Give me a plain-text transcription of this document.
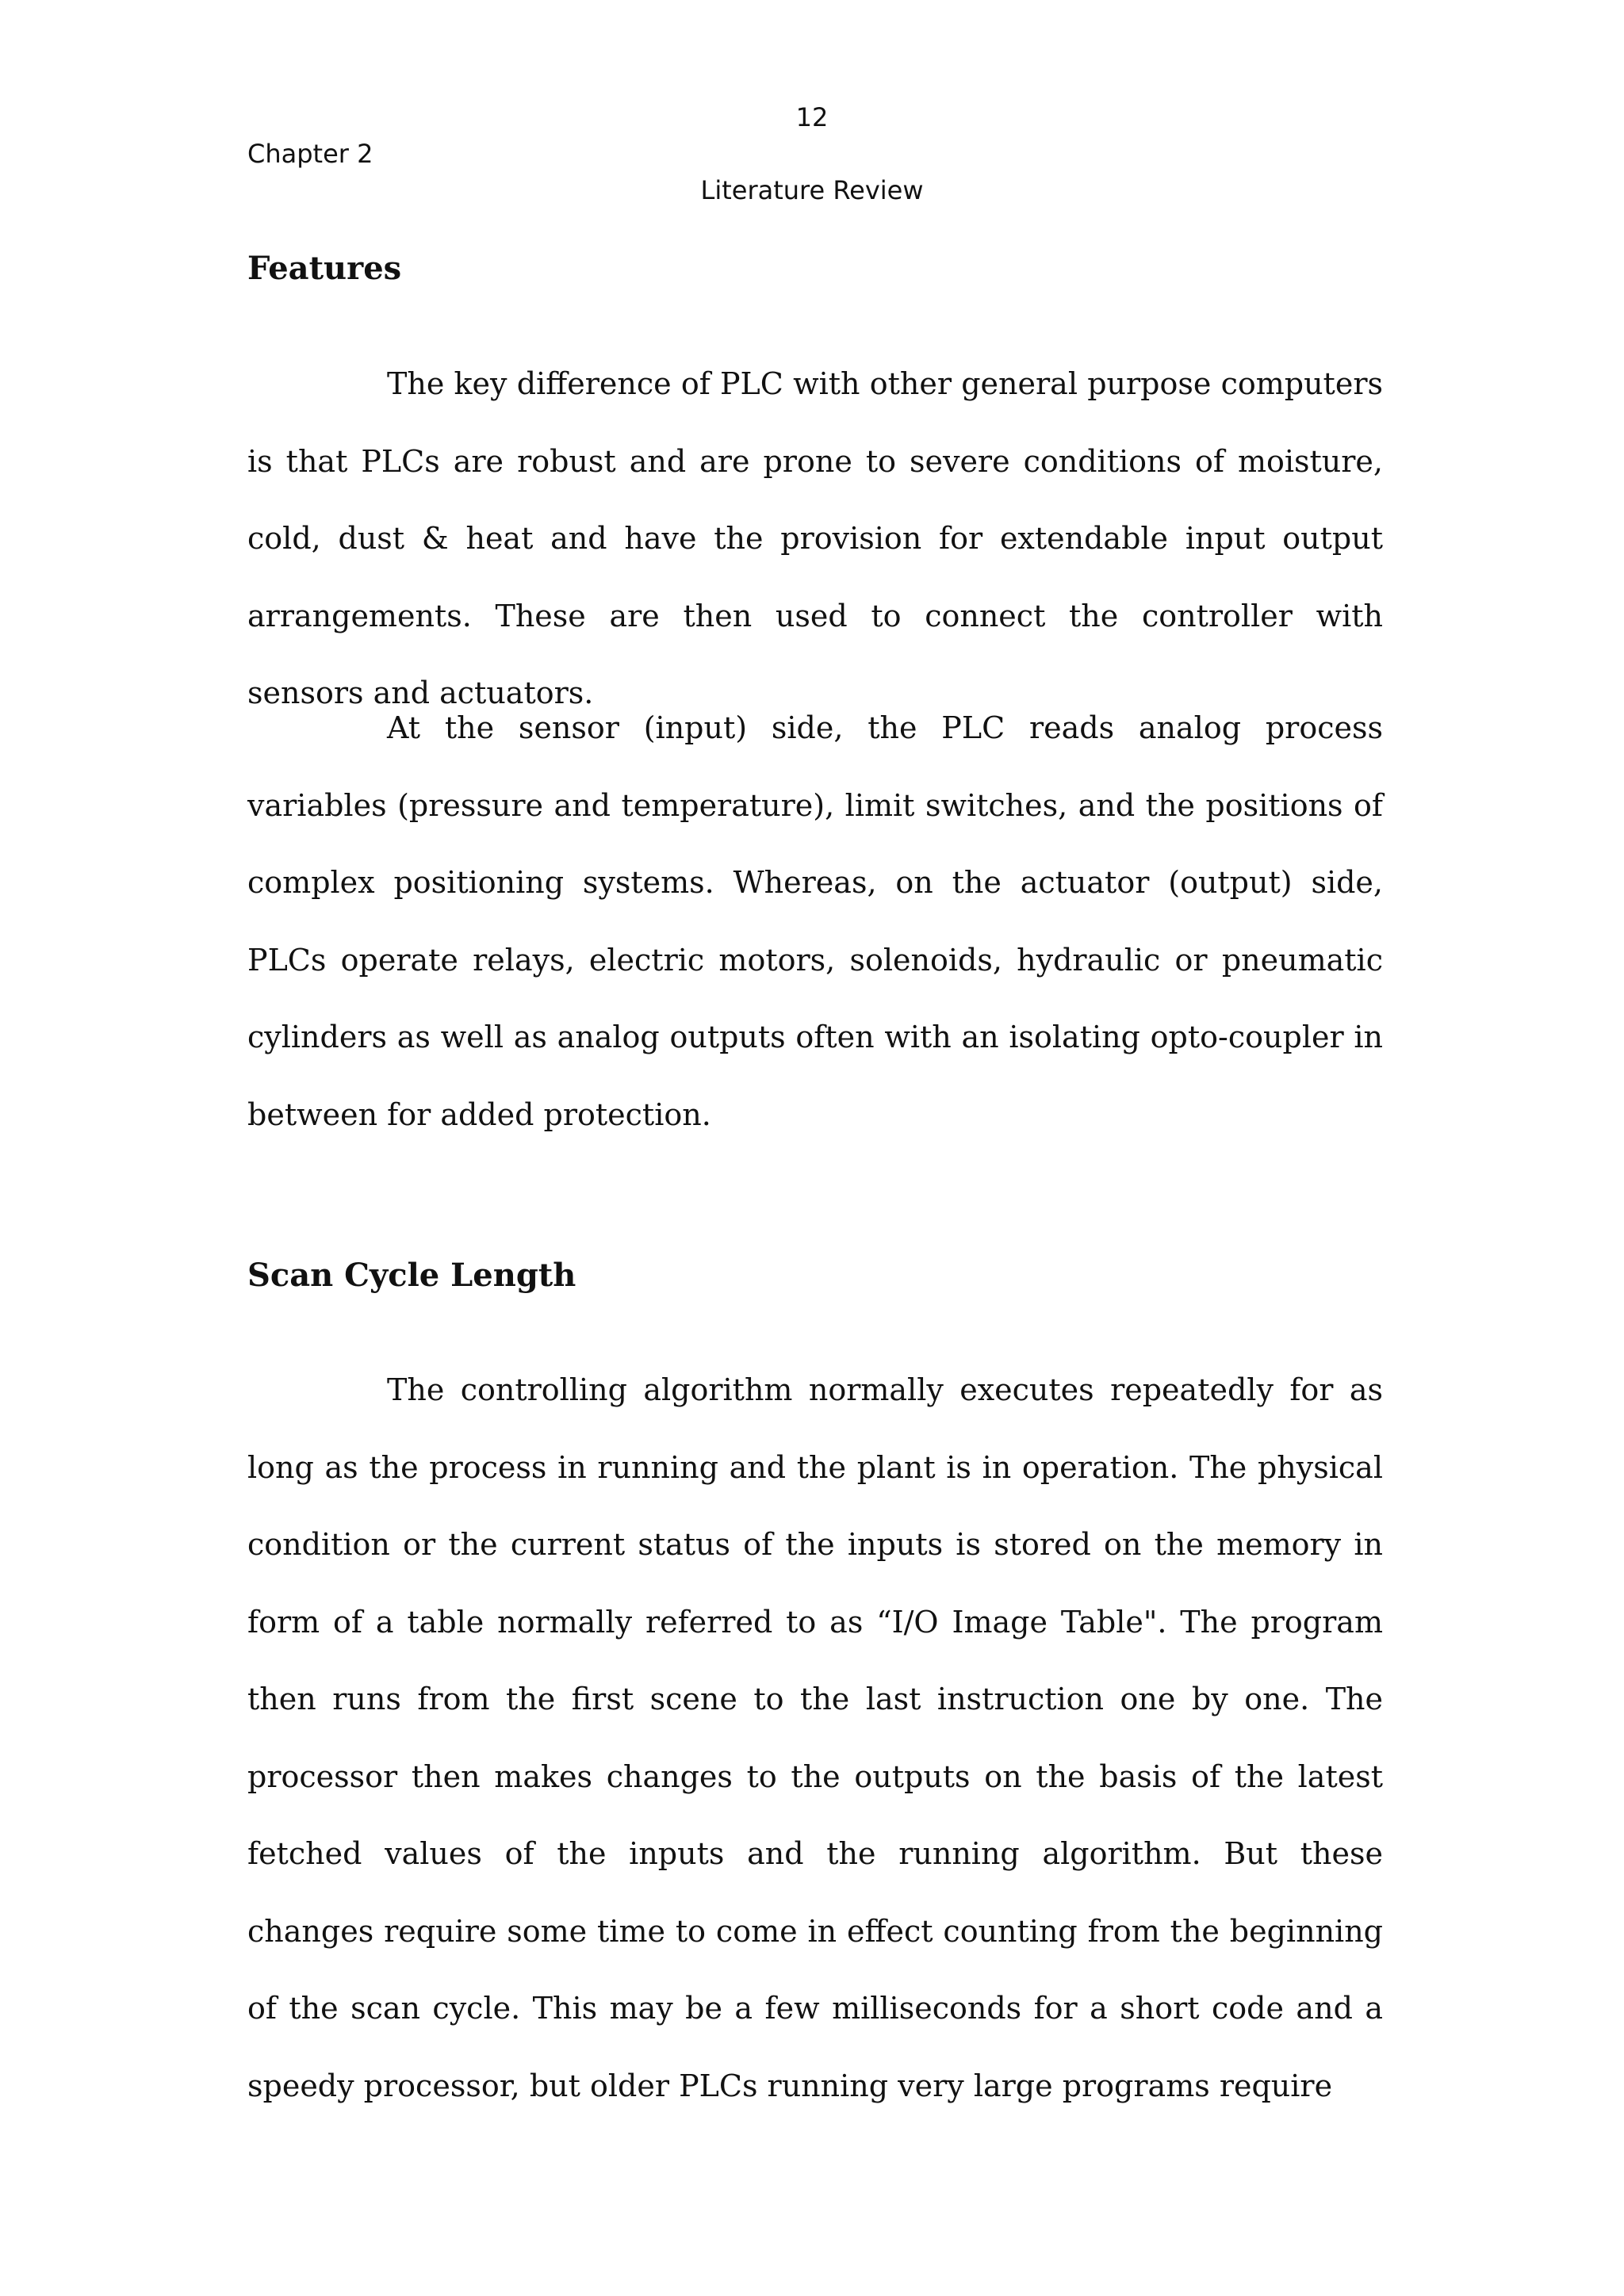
12
Chapter 2
Literature Review
Features

The key difference of PLC with other general purpose computers is that PLCs are robust and are prone to severe conditions of moisture, cold, dust & heat and have the provision for extendable input output arrangements. These are then used to connect the controller with sensors and actuators.

At the sensor (input) side, the PLC reads analog process variables (pressure and temperature), limit switches, and the positions of complex positioning systems. Whereas, on the actuator (output) side, PLCs operate relays, electric motors, solenoids, hydraulic or pneumatic cylinders as well as analog outputs often with an isolating opto-coupler in between for added protection.

Scan Cycle Length

The controlling algorithm normally executes repeatedly for as long as the process in running and the plant is in operation. The physical condition or the current status of the inputs is stored on the memory in form of a table normally referred to as “I/O Image Table". The program then runs from the first scene to the last instruction one by one. The processor then makes changes to the outputs on the basis of the latest fetched values of the inputs and the running algorithm. But these changes require some time to come in effect counting from the beginning of the scan cycle. This may be a few milliseconds for a short code and a speedy processor, but older PLCs running very large programs require
